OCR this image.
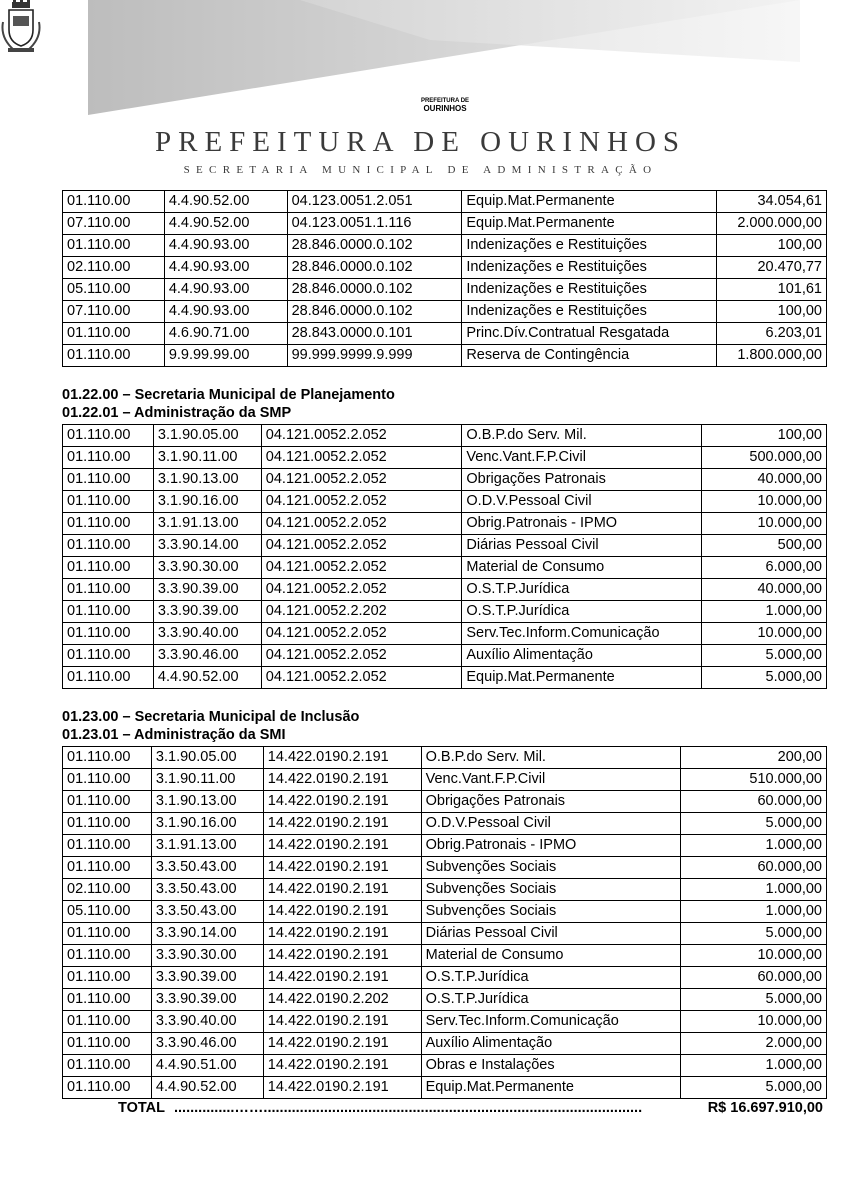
PREFEITURA DE
OURINHOS
PREFEITURA DE OURINHOS
SECRETARIA MUNICIPAL DE ADMINISTRAÇÃO
01.110.00	4.4.90.52.00	04.123.0051.2.051	Equip.Mat.Permanente	34.054,61
07.110.00	4.4.90.52.00	04.123.0051.1.116	Equip.Mat.Permanente	2.000.000,00
01.110.00	4.4.90.93.00	28.846.0000.0.102	Indenizações e Restituições	100,00
02.110.00	4.4.90.93.00	28.846.0000.0.102	Indenizações e Restituições	20.470,77
05.110.00	4.4.90.93.00	28.846.0000.0.102	Indenizações e Restituições	101,61
07.110.00	4.4.90.93.00	28.846.0000.0.102	Indenizações e Restituições	100,00
01.110.00	4.6.90.71.00	28.843.0000.0.101	Princ.Dív.Contratual Resgatada	6.203,01
01.110.00	9.9.99.99.00	99.999.9999.9.999	Reserva de Contingência	1.800.000,00
01.22.00 – Secretaria Municipal de Planejamento
01.22.01 – Administração da SMP
01.110.00	3.1.90.05.00	04.121.0052.2.052	O.B.P.do Serv. Mil.	100,00
01.110.00	3.1.90.11.00	04.121.0052.2.052	Venc.Vant.F.P.Civil	500.000,00
01.110.00	3.1.90.13.00	04.121.0052.2.052	Obrigações Patronais	40.000,00
01.110.00	3.1.90.16.00	04.121.0052.2.052	O.D.V.Pessoal Civil	10.000,00
01.110.00	3.1.91.13.00	04.121.0052.2.052	Obrig.Patronais - IPMO	10.000,00
01.110.00	3.3.90.14.00	04.121.0052.2.052	Diárias Pessoal Civil	500,00
01.110.00	3.3.90.30.00	04.121.0052.2.052	Material de Consumo	6.000,00
01.110.00	3.3.90.39.00	04.121.0052.2.052	O.S.T.P.Jurídica	40.000,00
01.110.00	3.3.90.39.00	04.121.0052.2.202	O.S.T.P.Jurídica	1.000,00
01.110.00	3.3.90.40.00	04.121.0052.2.052	Serv.Tec.Inform.Comunicação	10.000,00
01.110.00	3.3.90.46.00	04.121.0052.2.052	Auxílio Alimentação	5.000,00
01.110.00	4.4.90.52.00	04.121.0052.2.052	Equip.Mat.Permanente	5.000,00
01.23.00 – Secretaria Municipal de Inclusão
01.23.01 – Administração da SMI
01.110.00	3.1.90.05.00	14.422.0190.2.191	O.B.P.do Serv. Mil.	200,00
01.110.00	3.1.90.11.00	14.422.0190.2.191	Venc.Vant.F.P.Civil	510.000,00
01.110.00	3.1.90.13.00	14.422.0190.2.191	Obrigações Patronais	60.000,00
01.110.00	3.1.90.16.00	14.422.0190.2.191	O.D.V.Pessoal Civil	5.000,00
01.110.00	3.1.91.13.00	14.422.0190.2.191	Obrig.Patronais - IPMO	1.000,00
01.110.00	3.3.50.43.00	14.422.0190.2.191	Subvenções Sociais	60.000,00
02.110.00	3.3.50.43.00	14.422.0190.2.191	Subvenções Sociais	1.000,00
05.110.00	3.3.50.43.00	14.422.0190.2.191	Subvenções Sociais	1.000,00
01.110.00	3.3.90.14.00	14.422.0190.2.191	Diárias Pessoal Civil	5.000,00
01.110.00	3.3.90.30.00	14.422.0190.2.191	Material de Consumo	10.000,00
01.110.00	3.3.90.39.00	14.422.0190.2.191	O.S.T.P.Jurídica	60.000,00
01.110.00	3.3.90.39.00	14.422.0190.2.202	O.S.T.P.Jurídica	5.000,00
01.110.00	3.3.90.40.00	14.422.0190.2.191	Serv.Tec.Inform.Comunicação	10.000,00
01.110.00	3.3.90.46.00	14.422.0190.2.191	Auxílio Alimentação	2.000,00
01.110.00	4.4.90.51.00	14.422.0190.2.191	Obras e Instalações	1.000,00
01.110.00	4.4.90.52.00	14.422.0190.2.191	Equip.Mat.Permanente	5.000,00
TOTAL ...............……..............................................................................................	R$ 16.697.910,00
